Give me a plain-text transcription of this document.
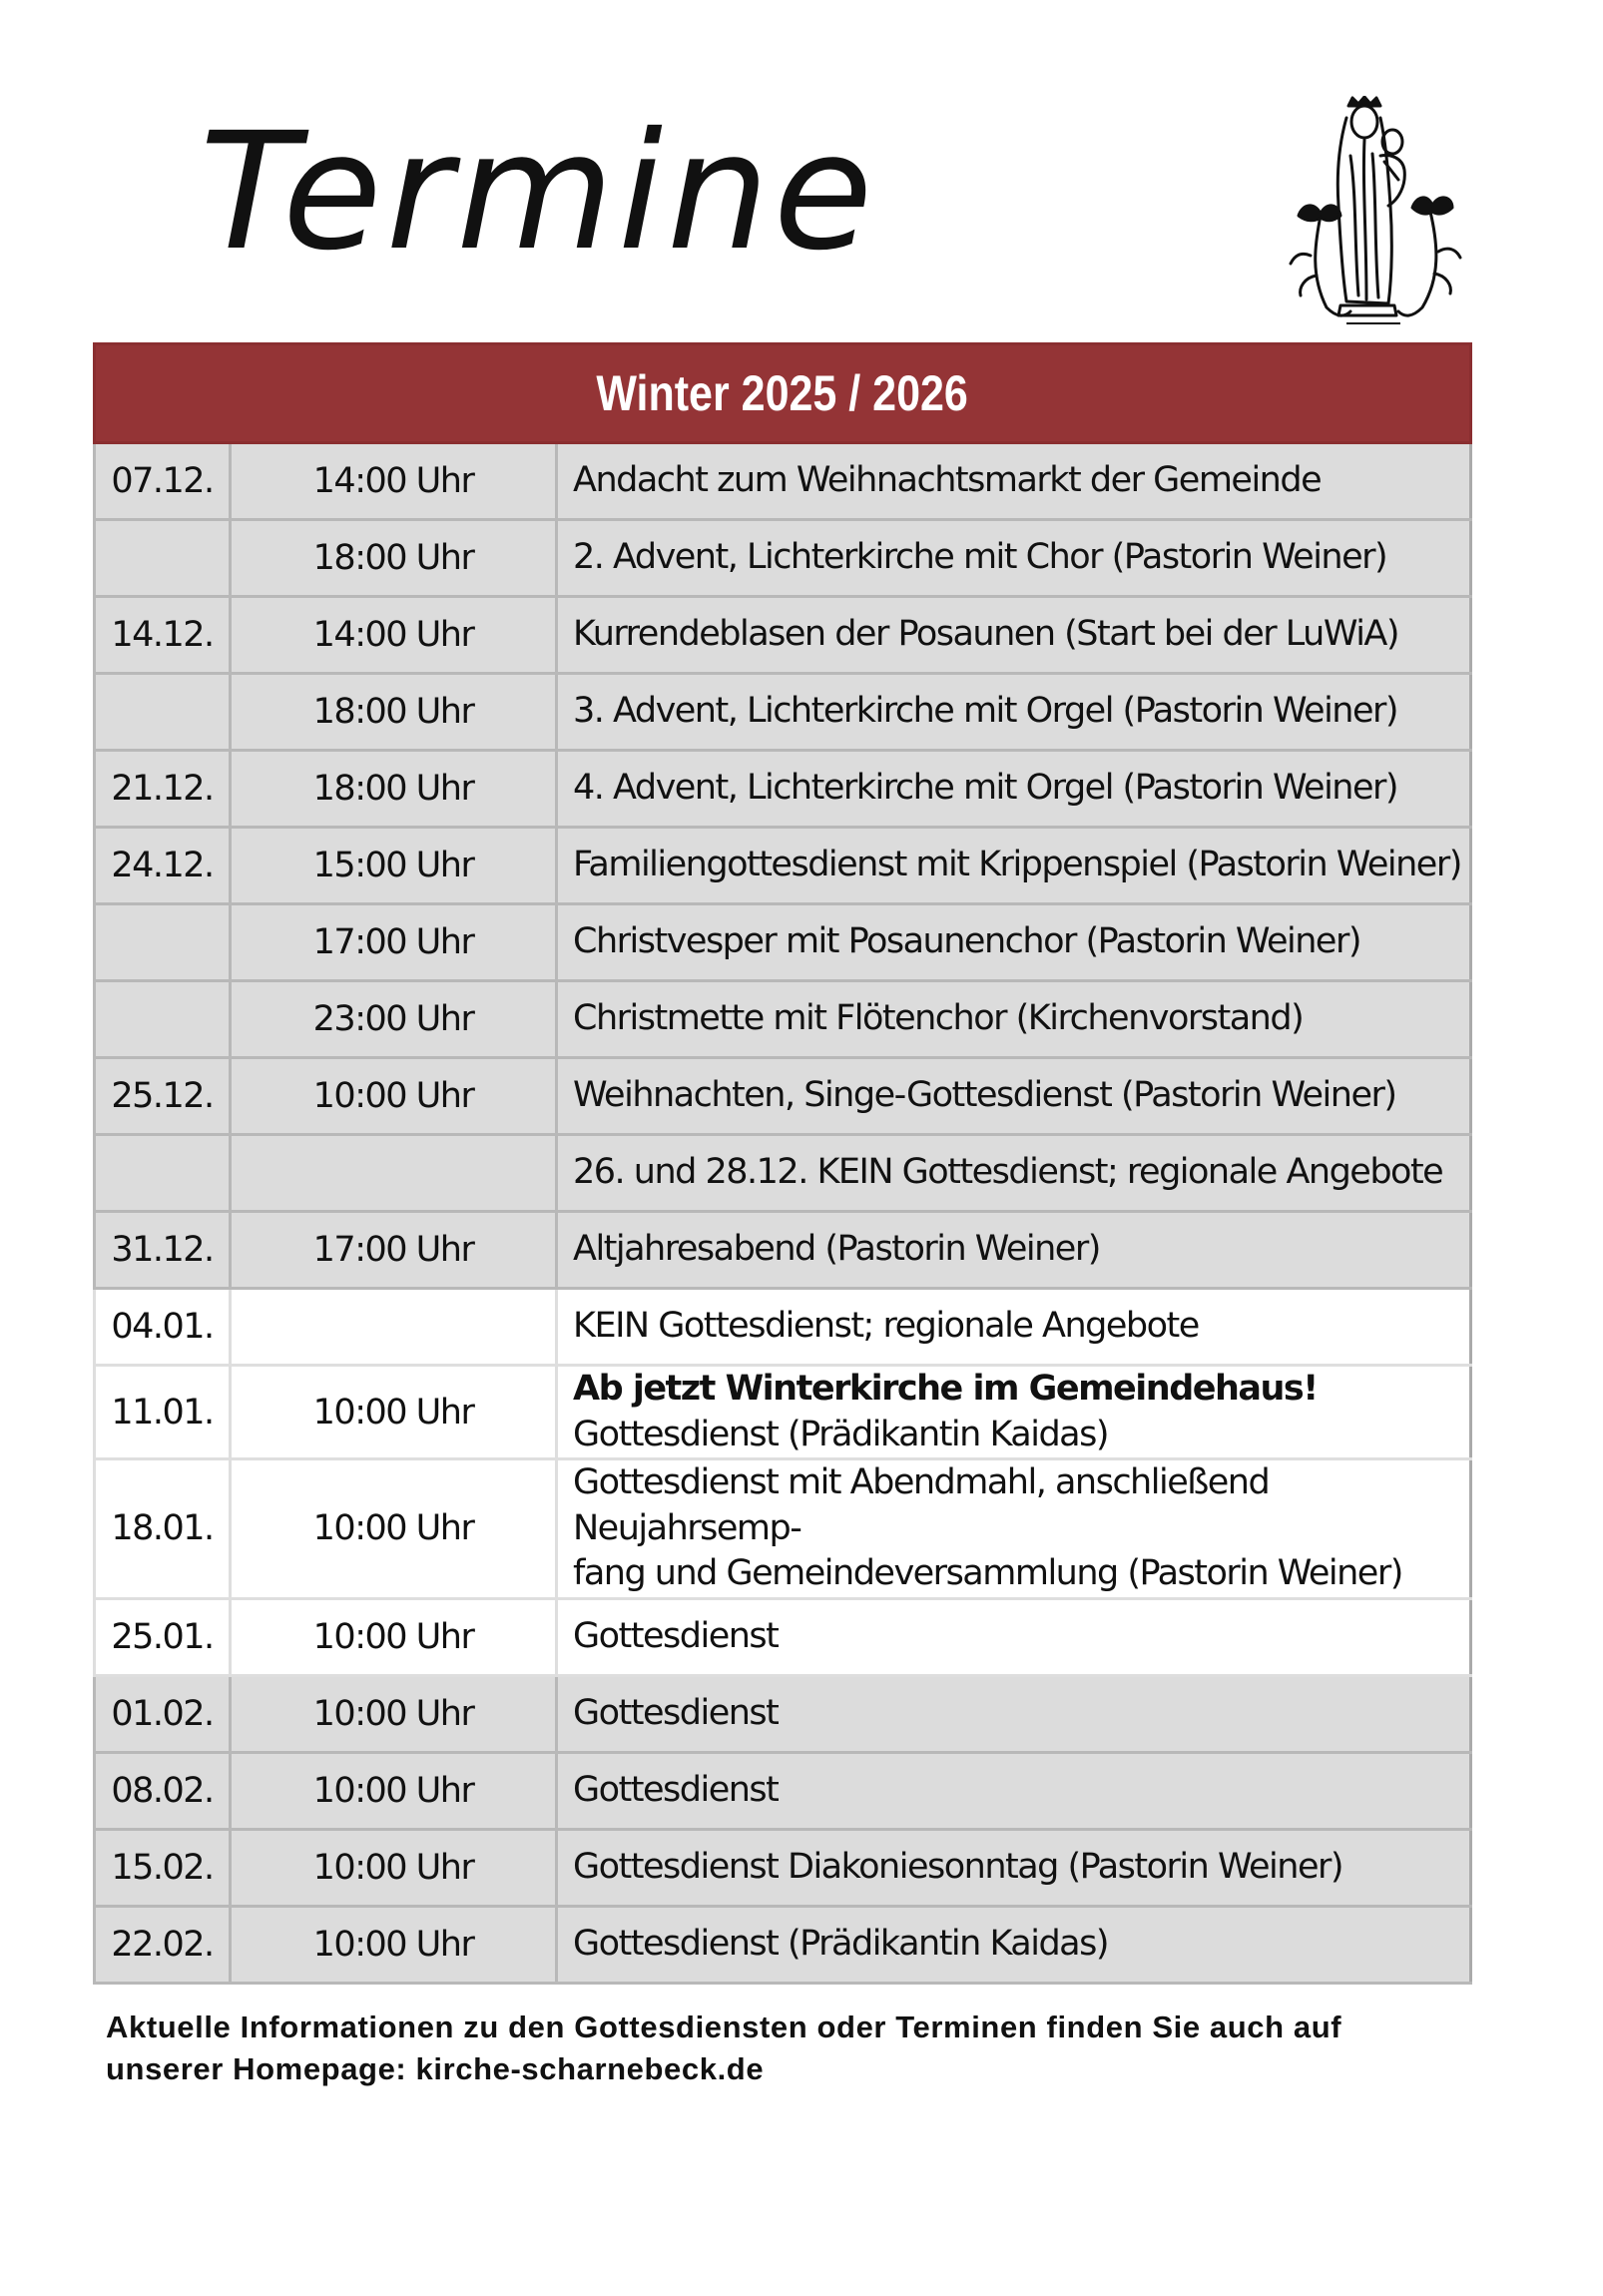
Termine
Winter 2025 / 2026		
07.12.	14:00 Uhr	Andacht zum Weihnachtsmarkt der Gemeinde
	18:00 Uhr	2. Advent, Lichterkirche mit Chor (Pastorin Weiner)
14.12.	14:00 Uhr	Kurrendeblasen der Posaunen (Start bei der LuWiA)
	18:00 Uhr	3. Advent, Lichterkirche mit Orgel (Pastorin Weiner)
21.12.	18:00 Uhr	4. Advent, Lichterkirche mit Orgel (Pastorin Weiner)
24.12.	15:00 Uhr	Familiengottesdienst mit Krippenspiel (Pastorin Weiner)
	17:00 Uhr	Christvesper mit Posaunenchor (Pastorin Weiner)
	23:00 Uhr	Christmette mit Flötenchor (Kirchenvorstand)
25.12.	10:00 Uhr	Weihnachten, Singe-Gottesdienst (Pastorin Weiner)
		26. und 28.12. KEIN Gottesdienst; regionale Angebote
31.12.	17:00 Uhr	Altjahresabend (Pastorin Weiner)
04.01.		KEIN Gottesdienst; regionale Angebote
11.01.	10:00 Uhr	Ab jetzt Winterkirche im Gemeindehaus!
Gottesdienst (Prädikantin Kaidas)
18.01.	10:00 Uhr	Gottesdienst mit Abendmahl, anschließend Neujahrsemp-
fang und Gemeindeversammlung (Pastorin Weiner)
25.01.	10:00 Uhr	Gottesdienst
01.02.	10:00 Uhr	Gottesdienst
08.02.	10:00 Uhr	Gottesdienst
15.02.	10:00 Uhr	Gottesdienst Diakoniesonntag (Pastorin Weiner)
22.02.	10:00 Uhr	Gottesdienst (Prädikantin Kaidas)

Aktuelle Informationen zu den Gottesdiensten oder Terminen finden Sie auch auf
unserer Homepage: kirche-scharnebeck.de
